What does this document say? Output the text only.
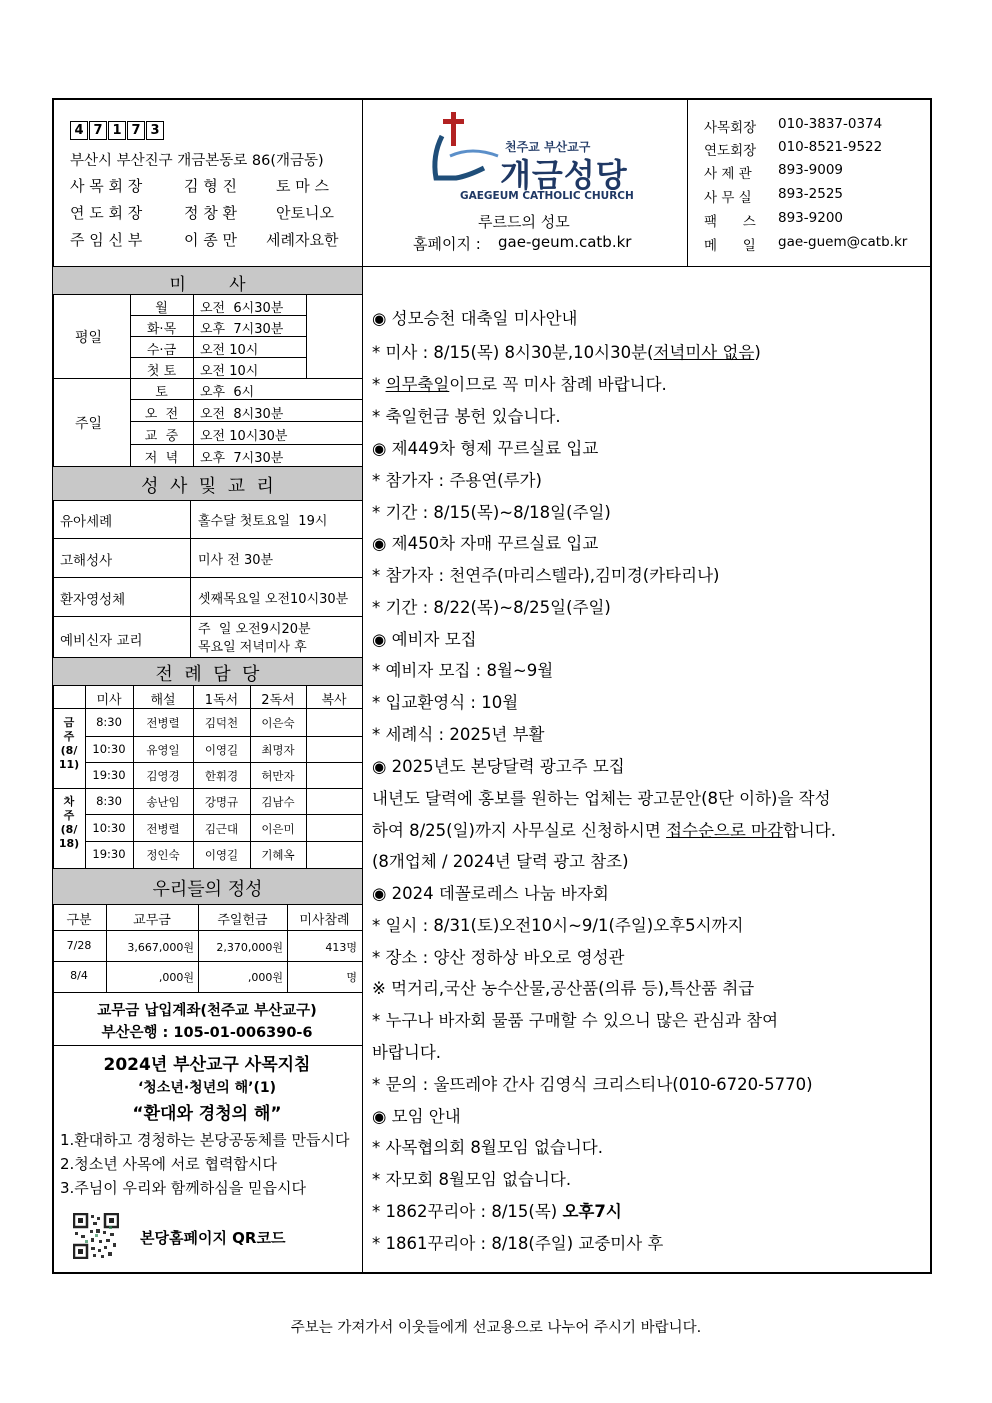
4 7 1 7 3
부산시 부산진구 개금본동로 86(개금동)
사 목 회 장	김 형 진	토 마 스
연 도 회 장	정 창 환	안토니오
주 임 신 부	이 종 만 세례자요한
천주교 부산교구
개금성당
GAEGEUM CATHOLIC CHURCH
루르드의 성모
홈페이지 : gae-geum.catb.kr
사목회장 010-3837-0374
연도회장 010-8521-9522
사 제 관 893-9009
사 무 실 893-2525
팩      스 893-9200
메      일 gae-guem@catb.kr
미        사
평일
월	오전  6시30분
화·목	오후  7시30분
수·금	오전 10시
첫 토	오전 10시
주일
토	오후  6시
오  전	오전  8시30분
교  중	오전 10시30분
저  녁	오후  7시30분
성  사  및  교  리
유아세례	홀수달 첫토요일  19시
고해성사	미사 전 30분
환자영성체	셋째목요일 오전10시30분
예비신자 교리
주  일 오전9시20분
목요일 저녁미사 후
전  례  담  당
미사	해설	1독서	2독서	복사
금
주
(8/
11)
차
주
(8/
18)
8:30	전병렬	김덕천	이은숙
10:30	유영일	이영길	최명자
19:30	김영경	한휘경	허만자
8:30	송난임	강명규	김남수
10:30	전병렬	김근대	이은미
19:30	정인숙	이영길	기혜옥
우리들의 정성
구분	교무금	주일헌금	미사참례
7/28	3,667,000원	2,370,000원	413명
8/4	,000원	,000원	명
교무금 납입계좌(천주교 부산교구)
부산은행 : 105-01-006390-6
2024년 부산교구 사목지침
‘청소년·청년의 해’(1)
“환대와 경청의 해”
1.환대하고 경청하는 본당공동체를 만듭시다
2.청소년 사목에 서로 협력합시다
3.주님이 우리와 함께하심을 믿읍시다
본당홈페이지 QR코드
◉ 성모승천 대축일 미사안내
* 미사 : 8/15(목) 8시30분,10시30분(저녁미사 없음)
* 의무축일이므로 꼭 미사 참례 바랍니다.
* 축일헌금 봉헌 있습니다.
◉ 제449차 형제 꾸르실료 입교
* 참가자 : 주용연(루가)
* 기간 : 8/15(목)~8/18일(주일)
◉ 제450차 자매 꾸르실료 입교
* 참가자 : 천연주(마리스텔라),김미경(카타리나)
* 기간 : 8/22(목)~8/25일(주일)
◉ 예비자 모집
* 예비자 모집 : 8월~9월
* 입교환영식 : 10월
* 세례식 : 2025년 부활
◉ 2025년도 본당달력 광고주 모집
내년도 달력에 홍보를 원하는 업체는 광고문안(8단 이하)을 작성
하여 8/25(일)까지 사무실로 신청하시면 접수순으로 마감합니다.
(8개업체 / 2024년 달력 광고 참조)
◉ 2024 데꼴로레스 나눔 바자회
* 일시 : 8/31(토)오전10시~9/1(주일)오후5시까지
* 장소 : 양산 정하상 바오로 영성관
※ 먹거리,국산 농수산물,공산품(의류 등),특산품 취급
* 누구나 바자회 물품 구매할 수 있으니 많은 관심과 참여
바랍니다.
* 문의 : 울뜨레야 간사 김영식 크리스티나(010-6720-5770)
◉ 모임 안내
* 사목협의회 8월모임 없습니다.
* 자모회 8월모임 없습니다.
* 1862꾸리아 : 8/15(목) 오후7시
* 1861꾸리아 : 8/18(주일) 교중미사 후
주보는 가져가서 이웃들에게 선교용으로 나누어 주시기 바랍니다.
